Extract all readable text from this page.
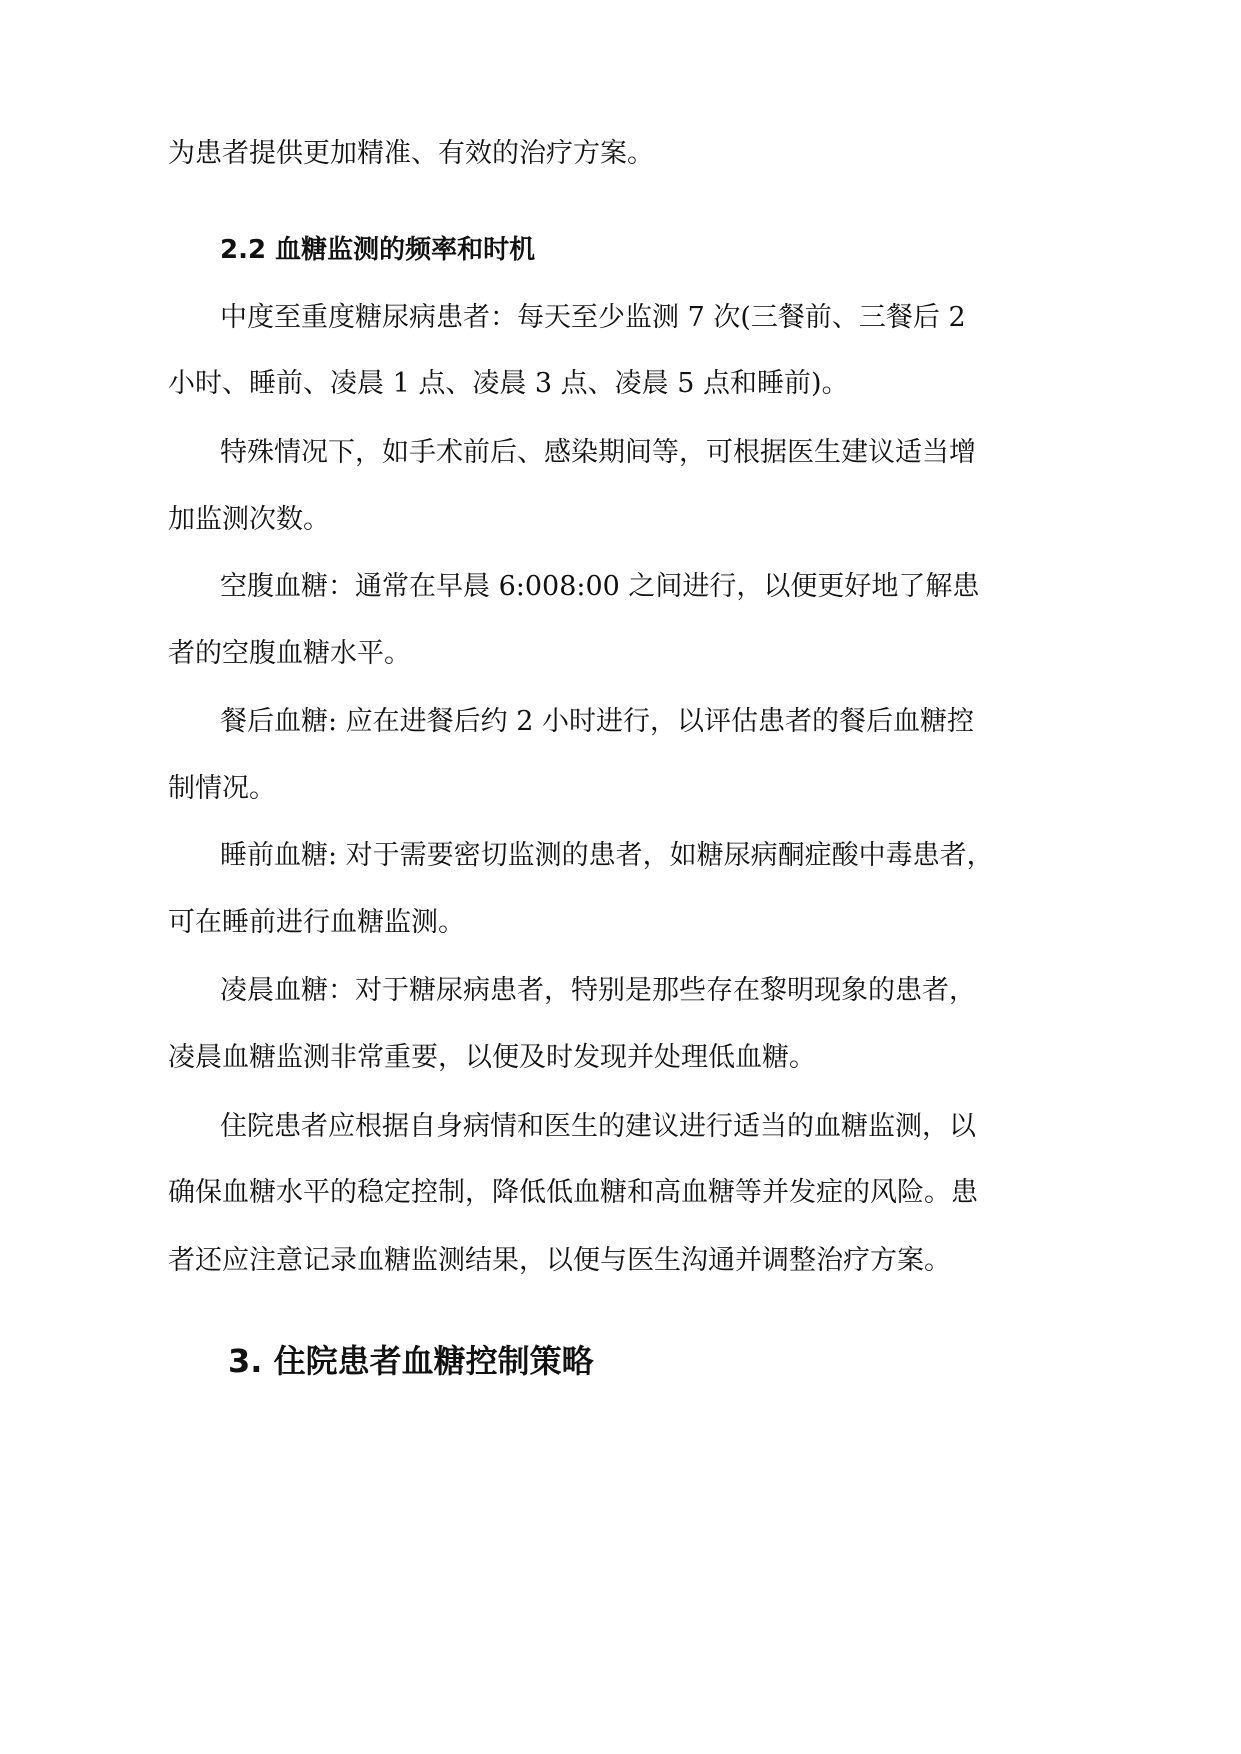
为患者提供更加精准、有效的治疗方案。
2.2 血糖监测的频率和时机
中度至重度糖尿病患者：每天至少监测 7 次(三餐前、三餐后 2
小时、睡前、凌晨 1 点、凌晨 3 点、凌晨 5 点和睡前)。
特殊情况下，如手术前后、感染期间等，可根据医生建议适当增
加监测次数。
空腹血糖：通常在早晨 6:008:00 之间进行，以便更好地了解患
者的空腹血糖水平。
餐后血糖: 应在进餐后约 2 小时进行，以评估患者的餐后血糖控
制情况。
睡前血糖: 对于需要密切监测的患者，如糖尿病酮症酸中毒患者，
可在睡前进行血糖监测。
凌晨血糖：对于糖尿病患者，特别是那些存在黎明现象的患者，
凌晨血糖监测非常重要，以便及时发现并处理低血糖。
住院患者应根据自身病情和医生的建议进行适当的血糖监测，以
确保血糖水平的稳定控制，降低低血糖和高血糖等并发症的风险。患
者还应注意记录血糖监测结果，以便与医生沟通并调整治疗方案。
3. 住院患者血糖控制策略
